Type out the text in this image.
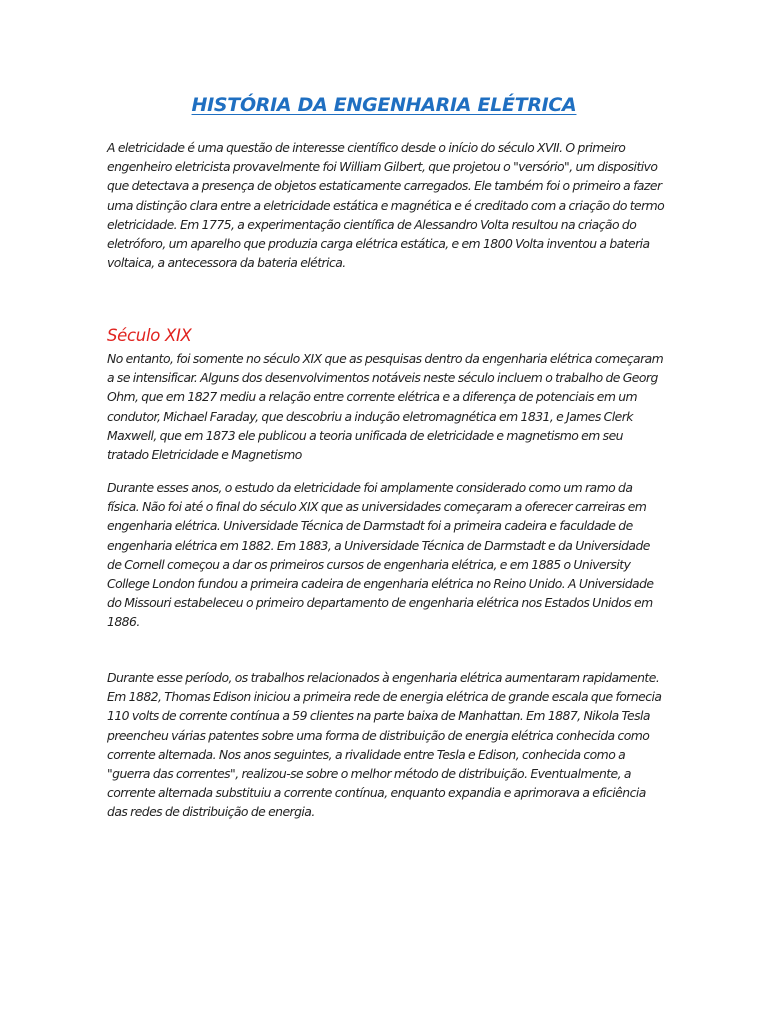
HISTÓRIA DA ENGENHARIA ELÉTRICA

A eletricidade é uma questão de interesse científico desde o início do século XVII. O primeiro engenheiro eletricista provavelmente foi William Gilbert, que projetou o "versório", um dispositivo que detectava a presença de objetos estaticamente carregados. Ele também foi o primeiro a fazer uma distinção clara entre a eletricidade estática e magnética e é creditado com a criação do termo eletricidade. Em 1775, a experimentação científica de Alessandro Volta resultou na criação do eletróforo, um aparelho que produzia carga elétrica estática, e em 1800 Volta inventou a bateria voltaica, a antecessora da bateria elétrica.

Século XIX

No entanto, foi somente no século XIX que as pesquisas dentro da engenharia elétrica começaram a se intensificar. Alguns dos desenvolvimentos notáveis neste século incluem o trabalho de Georg Ohm, que em 1827 mediu a relação entre corrente elétrica e a diferença de potenciais em um condutor, Michael Faraday, que descobriu a indução eletromagnética em 1831, e James Clerk Maxwell, que em 1873 ele publicou a teoria unificada de eletricidade e magnetismo em seu tratado Eletricidade e Magnetismo

Durante esses anos, o estudo da eletricidade foi amplamente considerado como um ramo da física. Não foi até o final do século XIX que as universidades começaram a oferecer carreiras em engenharia elétrica. Universidade Técnica de Darmstadt foi a primeira cadeira e faculdade de engenharia elétrica em 1882. Em 1883, a Universidade Técnica de Darmstadt e da Universidade de Cornell começou a dar os primeiros cursos de engenharia elétrica, e em 1885 o University College London fundou a primeira cadeira de engenharia elétrica no Reino Unido. A Universidade do Missouri estabeleceu o primeiro departamento de engenharia elétrica nos Estados Unidos em 1886.

Durante esse período, os trabalhos relacionados à engenharia elétrica aumentaram rapidamente. Em 1882, Thomas Edison iniciou a primeira rede de energia elétrica de grande escala que fornecia 110 volts de corrente contínua a 59 clientes na parte baixa de Manhattan. Em 1887, Nikola Tesla preencheu várias patentes sobre uma forma de distribuição de energia elétrica conhecida como corrente alternada. Nos anos seguintes, a rivalidade entre Tesla e Edison, conhecida como a "guerra das correntes", realizou-se sobre o melhor método de distribuição. Eventualmente, a corrente alternada substituiu a corrente contínua, enquanto expandia e aprimorava a eficiência das redes de distribuição de energia.
